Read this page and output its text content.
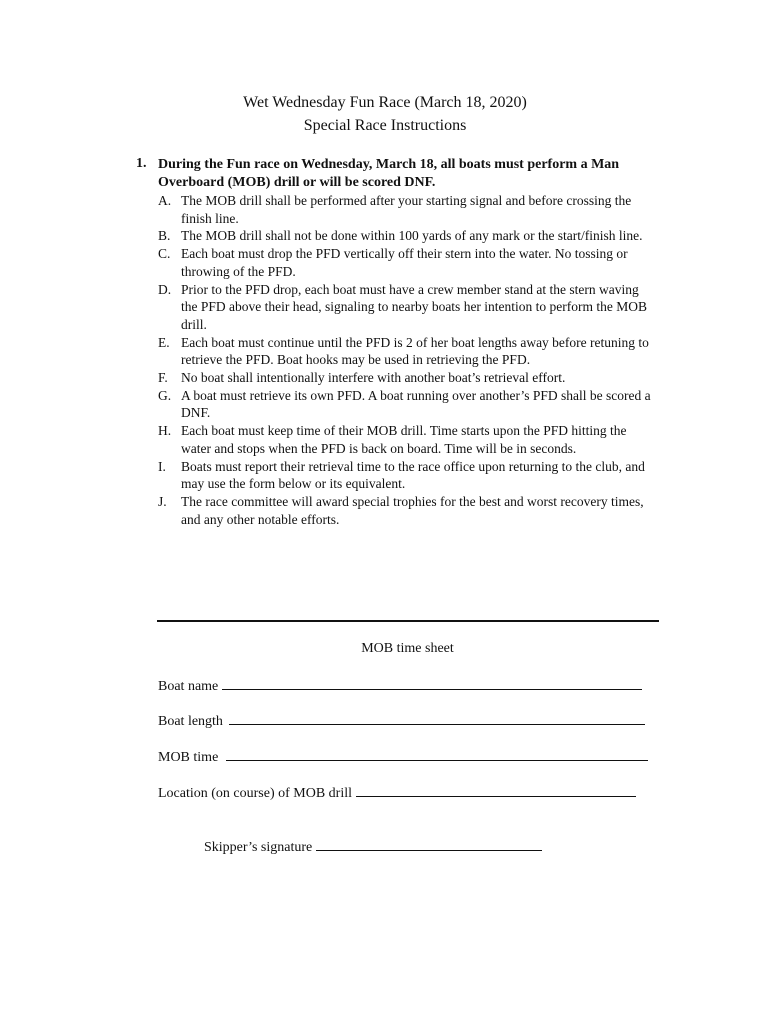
Wet Wednesday Fun Race (March 18, 2020)
Special Race Instructions
1. During the Fun race on Wednesday, March 18, all boats must perform a Man Overboard (MOB) drill or will be scored DNF.
A. The MOB drill shall be performed after your starting signal and before crossing the finish line.
B. The MOB drill shall not be done within 100 yards of any mark or the start/finish line.
C. Each boat must drop the PFD vertically off their stern into the water. No tossing or throwing of the PFD.
D. Prior to the PFD drop, each boat must have a crew member stand at the stern waving the PFD above their head, signaling to nearby boats her intention to perform the MOB drill.
E. Each boat must continue until the PFD is 2 of her boat lengths away before retuning to retrieve the PFD. Boat hooks may be used in retrieving the PFD.
F. No boat shall intentionally interfere with another boat’s retrieval effort.
G. A boat must retrieve its own PFD. A boat running over another’s PFD shall be scored a DNF.
H. Each boat must keep time of their MOB drill. Time starts upon the PFD hitting the water and stops when the PFD is back on board. Time will be in seconds.
I. Boats must report their retrieval time to the race office upon returning to the club, and may use the form below or its equivalent.
J. The race committee will award special trophies for the best and worst recovery times, and any other notable efforts.
MOB time sheet
Boat name
Boat length
MOB time
Location (on course) of MOB drill
Skipper’s signature
